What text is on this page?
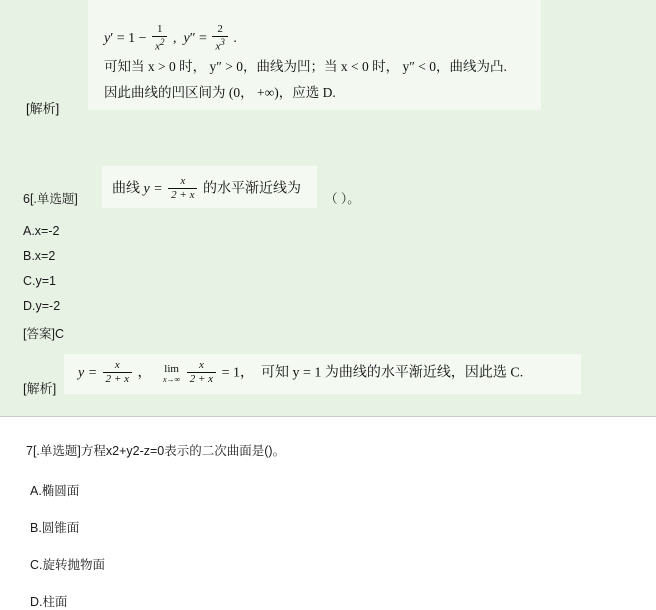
$y' = 1 - \frac{1}{x^2}$ , $y'' = \frac{2}{x^3}$ .
可知当 x > 0 时， y″ > 0，曲线为凹；当 x < 0 时， y″ < 0，曲线为凸.
因此曲线的凹区间为 (0， +∞)，应选 D.
[解析]
6[.单选题]
曲线 $y = \frac{x}{2 + x}$ 的水平渐近线为
（ ）。
A.x=-2
B.x=2
C.y=1
D.y=-2
[答案]C
[解析]
$y = \frac{x}{2 + x}$ ， lim
x→∞
$\frac{x}{2 + x} = 1$， 可知 y = 1 为曲线的水平渐近线，因此选 C.
7[.单选题]方程x2+y2-z=0表示的二次曲面是()。
A.椭圆面
B.圆锥面
C.旋转抛物面
D.柱面
